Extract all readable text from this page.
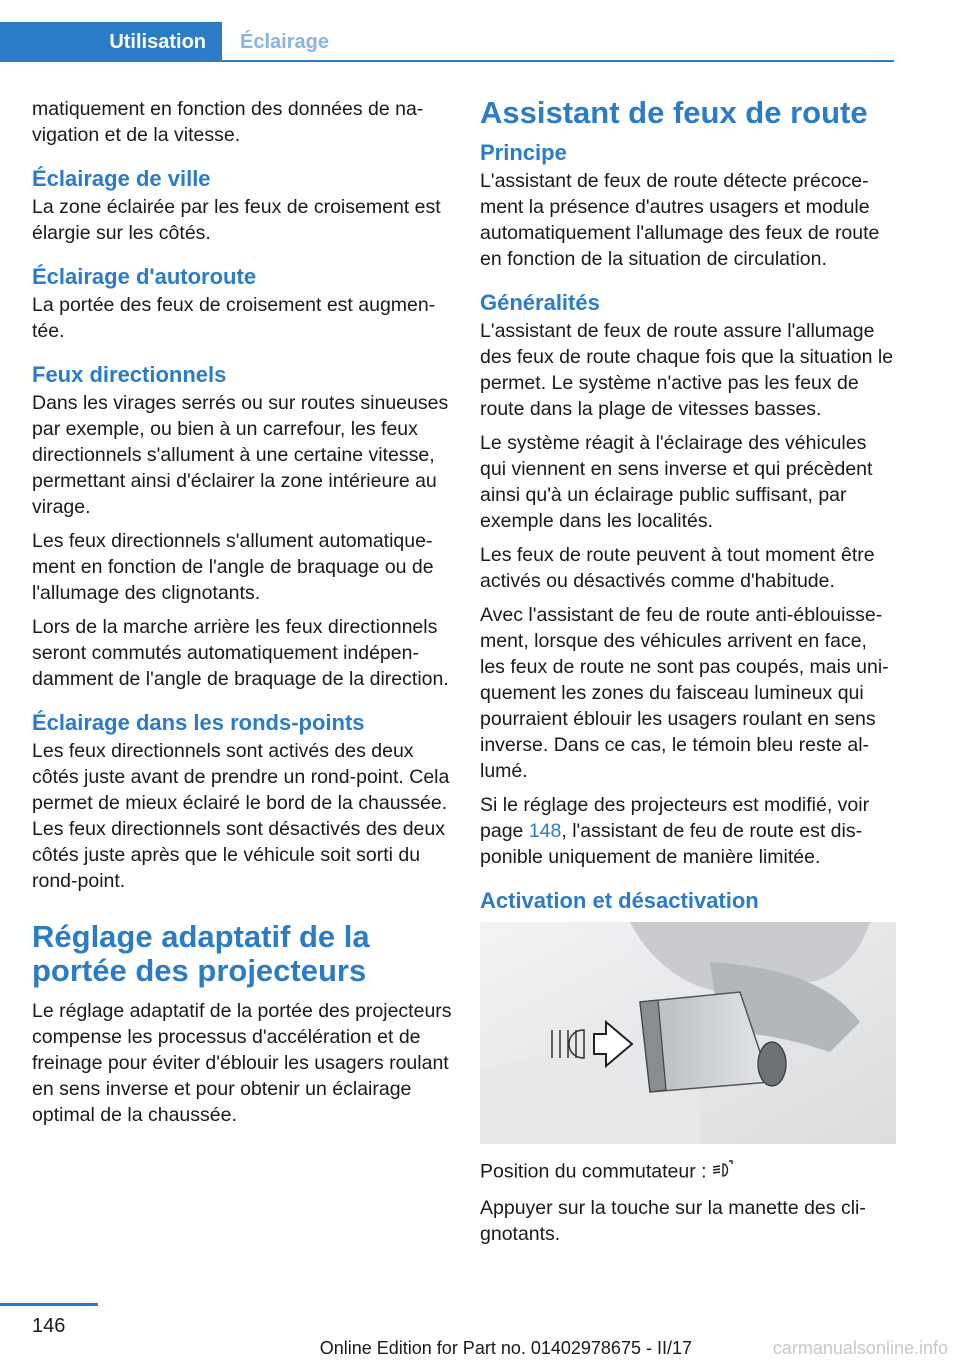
Utilisation Éclairage

matiquement en fonction des données de navigation et de la vitesse.

Éclairage de ville

La zone éclairée par les feux de croisement est élargie sur les côtés.

Éclairage d'autoroute

La portée des feux de croisement est augmentée.

Feux directionnels

Dans les virages serrés ou sur routes sinueuses par exemple, ou bien à un carrefour, les feux directionnels s'allument à une certaine vitesse, permettant ainsi d'éclairer la zone intérieure au virage.

Les feux directionnels s'allument automatiquement en fonction de l'angle de braquage ou de l'allumage des clignotants.

Lors de la marche arrière les feux directionnels seront commutés automatiquement indépendamment de l'angle de braquage de la direction.

Éclairage dans les ronds-points

Les feux directionnels sont activés des deux côtés juste avant de prendre un rond-point. Cela permet de mieux éclairé le bord de la chaussée. Les feux directionnels sont désactivés des deux côtés juste après que le véhicule soit sorti du rond-point.

Réglage adaptatif de la portée des projecteurs

Le réglage adaptatif de la portée des projecteurs compense les processus d'accélération et de freinage pour éviter d'éblouir les usagers roulant en sens inverse et pour obtenir un éclairage optimal de la chaussée.

Assistant de feux de route
Principe

L'assistant de feux de route détecte précocement la présence d'autres usagers et module automatiquement l'allumage des feux de route en fonction de la situation de circulation.

Généralités

L'assistant de feux de route assure l'allumage des feux de route chaque fois que la situation le permet. Le système n'active pas les feux de route dans la plage de vitesses basses.

Le système réagit à l'éclairage des véhicules qui viennent en sens inverse et qui précèdent ainsi qu'à un éclairage public suffisant, par exemple dans les localités.

Les feux de route peuvent à tout moment être activés ou désactivés comme d'habitude.

Avec l'assistant de feu de route anti-éblouissement, lorsque des véhicules arrivent en face, les feux de route ne sont pas coupés, mais uniquement les zones du faisceau lumineux qui pourraient éblouir les usagers roulant en sens inverse. Dans ce cas, le témoin bleu reste allumé.

Si le réglage des projecteurs est modifié, voir page 148, l'assistant de feu de route est disponible uniquement de manière limitée.

Activation et désactivation

Position du commutateur :

Appuyer sur la touche sur la manette des clignotants.

146
Online Edition for Part no. 01402978675 - II/17	carmanualsonline.info
